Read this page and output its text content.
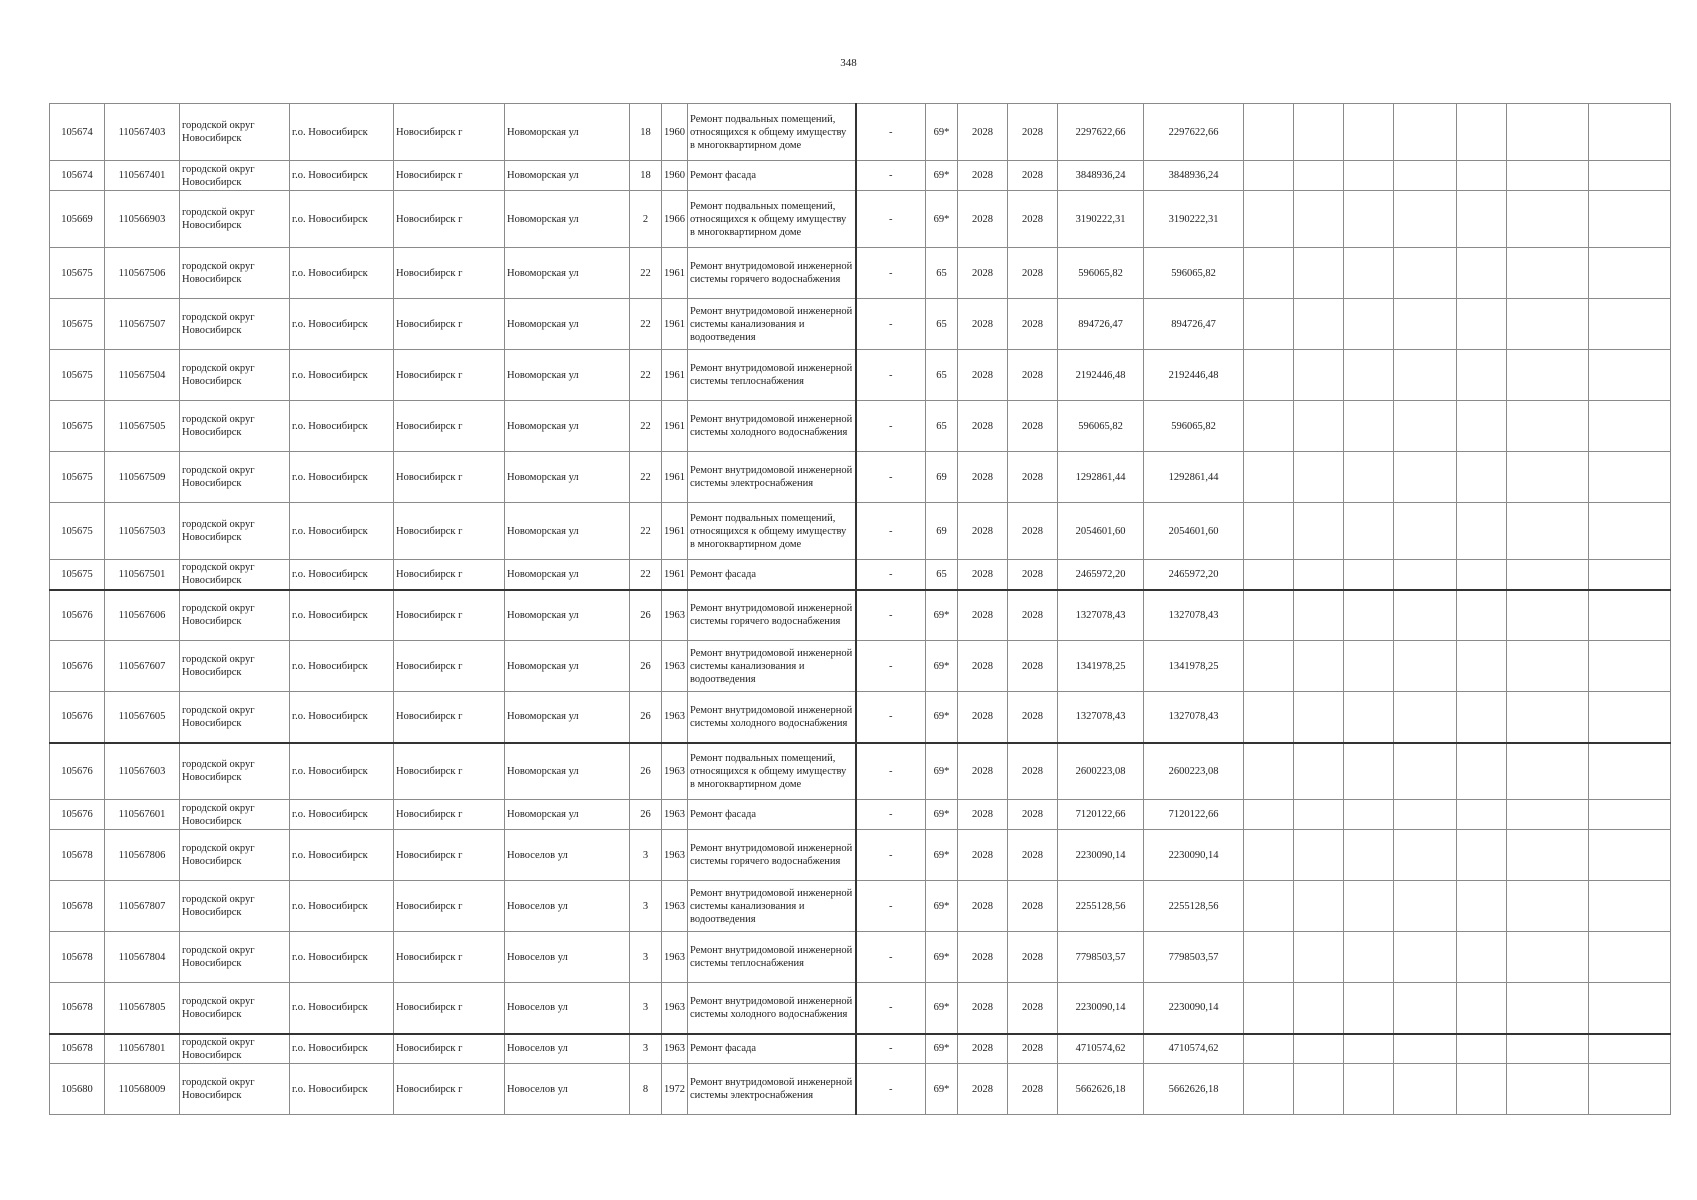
348
105674	110567403	городской округ Новосибирск	г.о. Новосибирск	Новосибирск г	Новоморская ул	18	1960	Ремонт подвальных помещений, относящихся к общему имуществу в многоквартирном доме	-	69*	2028	2028	2297622,66	2297622,66							
105674	110567401	городской округ Новосибирск	г.о. Новосибирск	Новосибирск г	Новоморская ул	18	1960	Ремонт фасада	-	69*	2028	2028	3848936,24	3848936,24							
105669	110566903	городской округ Новосибирск	г.о. Новосибирск	Новосибирск г	Новоморская ул	2	1966	Ремонт подвальных помещений, относящихся к общему имуществу в многоквартирном доме	-	69*	2028	2028	3190222,31	3190222,31							
105675	110567506	городской округ Новосибирск	г.о. Новосибирск	Новосибирск г	Новоморская ул	22	1961	Ремонт внутридомовой инженерной системы горячего водоснабжения	-	65	2028	2028	596065,82	596065,82							
105675	110567507	городской округ Новосибирск	г.о. Новосибирск	Новосибирск г	Новоморская ул	22	1961	Ремонт внутридомовой инженерной системы канализования и водоотведения	-	65	2028	2028	894726,47	894726,47							
105675	110567504	городской округ Новосибирск	г.о. Новосибирск	Новосибирск г	Новоморская ул	22	1961	Ремонт внутридомовой инженерной системы теплоснабжения	-	65	2028	2028	2192446,48	2192446,48							
105675	110567505	городской округ Новосибирск	г.о. Новосибирск	Новосибирск г	Новоморская ул	22	1961	Ремонт внутридомовой инженерной системы холодного водоснабжения	-	65	2028	2028	596065,82	596065,82							
105675	110567509	городской округ Новосибирск	г.о. Новосибирск	Новосибирск г	Новоморская ул	22	1961	Ремонт внутридомовой инженерной системы электроснабжения	-	69	2028	2028	1292861,44	1292861,44							
105675	110567503	городской округ Новосибирск	г.о. Новосибирск	Новосибирск г	Новоморская ул	22	1961	Ремонт подвальных помещений, относящихся к общему имуществу в многоквартирном доме	-	69	2028	2028	2054601,60	2054601,60							
105675	110567501	городской округ Новосибирск	г.о. Новосибирск	Новосибирск г	Новоморская ул	22	1961	Ремонт фасада	-	65	2028	2028	2465972,20	2465972,20							
105676	110567606	городской округ Новосибирск	г.о. Новосибирск	Новосибирск г	Новоморская ул	26	1963	Ремонт внутридомовой инженерной системы горячего водоснабжения	-	69*	2028	2028	1327078,43	1327078,43							
105676	110567607	городской округ Новосибирск	г.о. Новосибирск	Новосибирск г	Новоморская ул	26	1963	Ремонт внутридомовой инженерной системы канализования и водоотведения	-	69*	2028	2028	1341978,25	1341978,25							
105676	110567605	городской округ Новосибирск	г.о. Новосибирск	Новосибирск г	Новоморская ул	26	1963	Ремонт внутридомовой инженерной системы холодного водоснабжения	-	69*	2028	2028	1327078,43	1327078,43							
105676	110567603	городской округ Новосибирск	г.о. Новосибирск	Новосибирск г	Новоморская ул	26	1963	Ремонт подвальных помещений, относящихся к общему имуществу в многоквартирном доме	-	69*	2028	2028	2600223,08	2600223,08							
105676	110567601	городской округ Новосибирск	г.о. Новосибирск	Новосибирск г	Новоморская ул	26	1963	Ремонт фасада	-	69*	2028	2028	7120122,66	7120122,66							
105678	110567806	городской округ Новосибирск	г.о. Новосибирск	Новосибирск г	Новоселов ул	3	1963	Ремонт внутридомовой инженерной системы горячего водоснабжения	-	69*	2028	2028	2230090,14	2230090,14							
105678	110567807	городской округ Новосибирск	г.о. Новосибирск	Новосибирск г	Новоселов ул	3	1963	Ремонт внутридомовой инженерной системы канализования и водоотведения	-	69*	2028	2028	2255128,56	2255128,56							
105678	110567804	городской округ Новосибирск	г.о. Новосибирск	Новосибирск г	Новоселов ул	3	1963	Ремонт внутридомовой инженерной системы теплоснабжения	-	69*	2028	2028	7798503,57	7798503,57							
105678	110567805	городской округ Новосибирск	г.о. Новосибирск	Новосибирск г	Новоселов ул	3	1963	Ремонт внутридомовой инженерной системы холодного водоснабжения	-	69*	2028	2028	2230090,14	2230090,14							
105678	110567801	городской округ Новосибирск	г.о. Новосибирск	Новосибирск г	Новоселов ул	3	1963	Ремонт фасада	-	69*	2028	2028	4710574,62	4710574,62							
105680	110568009	городской округ Новосибирск	г.о. Новосибирск	Новосибирск г	Новоселов ул	8	1972	Ремонт внутридомовой инженерной системы электроснабжения	-	69*	2028	2028	5662626,18	5662626,18							
